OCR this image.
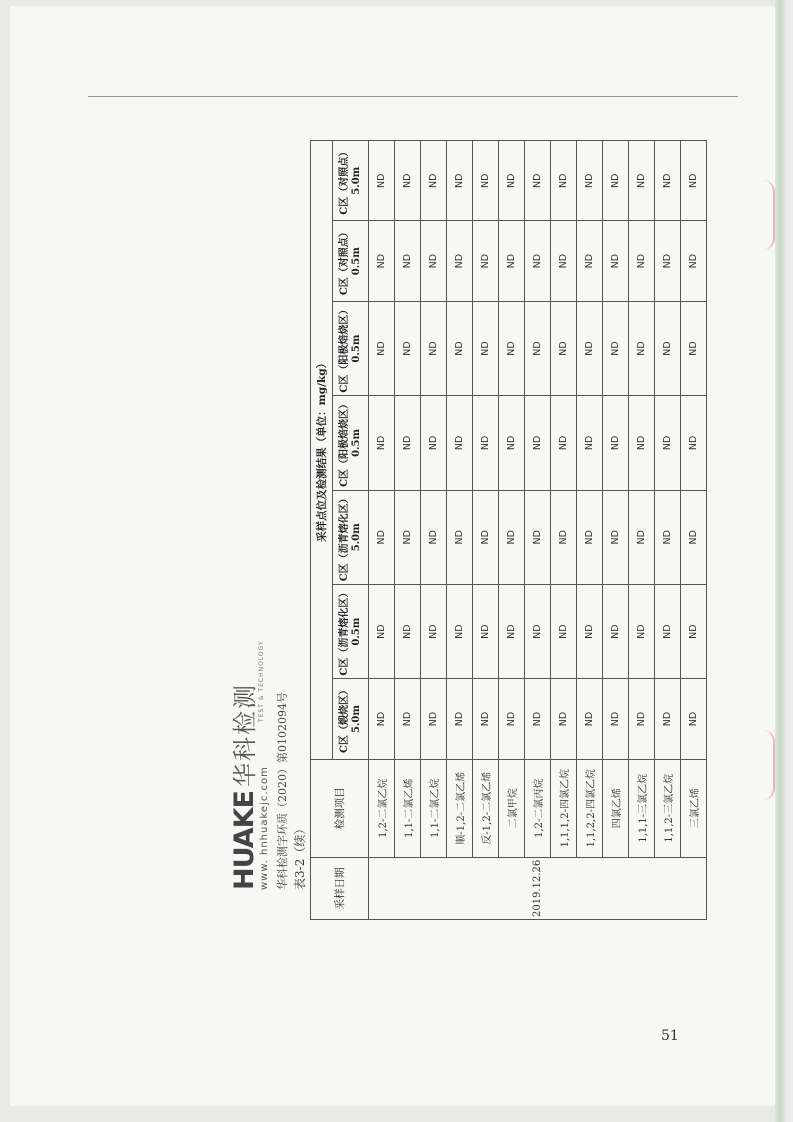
HUAKE
华科检测
TEST & TECHNOLOGY
www. hnhuakejc.com 华科检测字环质（2020）第0102094号 表3-2（续）	采样日期	检测项目	采样点位及检测结果（单位：mg/kg）						
		C区（煅烧区）5.0m	C区（沥青熔化区）0.5m	C区（沥青熔化区）5.0m	C区（阳极焙烧区）0.5m	C区（阳极焙烧区）0.5m	C区（对照点）0.5m	C区（对照点）5.0m
2019.12.26	1,2-二氯乙烷	ND	ND	ND	ND	ND	ND	ND
	1,1-二氯乙烯	ND	ND	ND	ND	ND	ND	ND
	1,1-二氯乙烷	ND	ND	ND	ND	ND	ND	ND
	顺-1,2-二氯乙烯	ND	ND	ND	ND	ND	ND	ND
	反-1,2-二氯乙烯	ND	ND	ND	ND	ND	ND	ND
	二氯甲烷	ND	ND	ND	ND	ND	ND	ND
	1,2-二氯丙烷	ND	ND	ND	ND	ND	ND	ND
	1,1,1,2-四氯乙烷	ND	ND	ND	ND	ND	ND	ND
	1,1,2,2-四氯乙烷	ND	ND	ND	ND	ND	ND	ND
	四氯乙烯	ND	ND	ND	ND	ND	ND	ND
	1,1,1-三氯乙烷	ND	ND	ND	ND	ND	ND	ND
	1,1,2-三氯乙烷	ND	ND	ND	ND	ND	ND	ND
	三氯乙烯	ND	ND	ND	ND	ND	ND	ND
51
